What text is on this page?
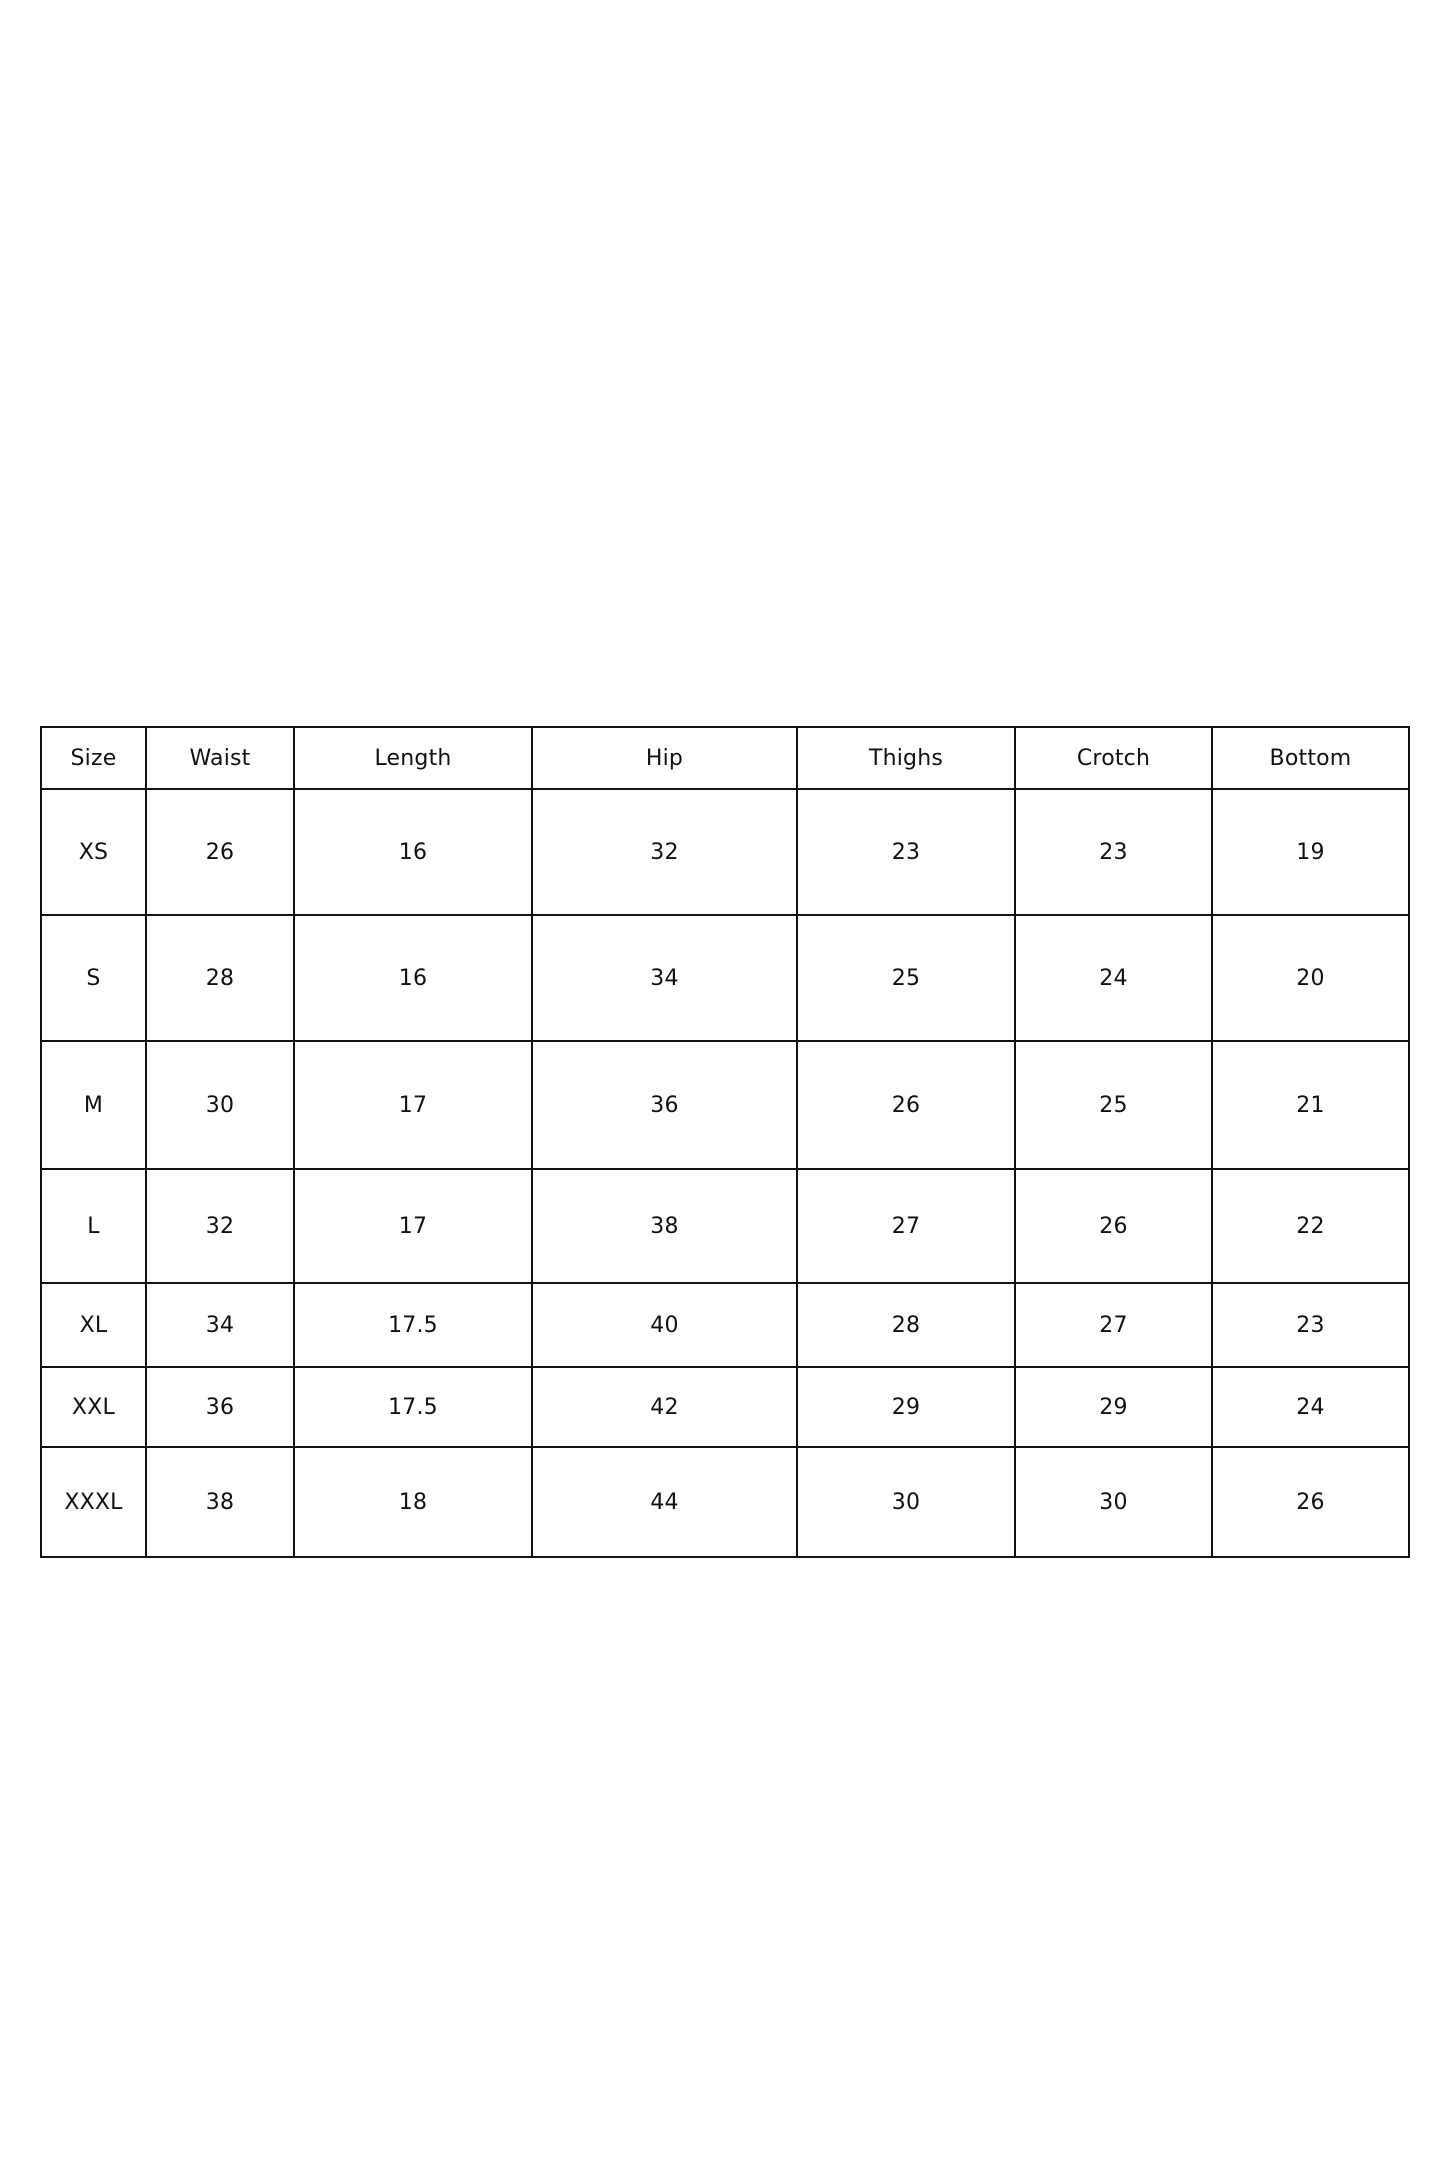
Size	Waist	Length	Hip	Thighs	Crotch	Bottom
XS	26	16	32	23	23	19
S	28	16	34	25	24	20
M	30	17	36	26	25	21
L	32	17	38	27	26	22
XL	34	17.5	40	28	27	23
XXL	36	17.5	42	29	29	24
XXXL	38	18	44	30	30	26
